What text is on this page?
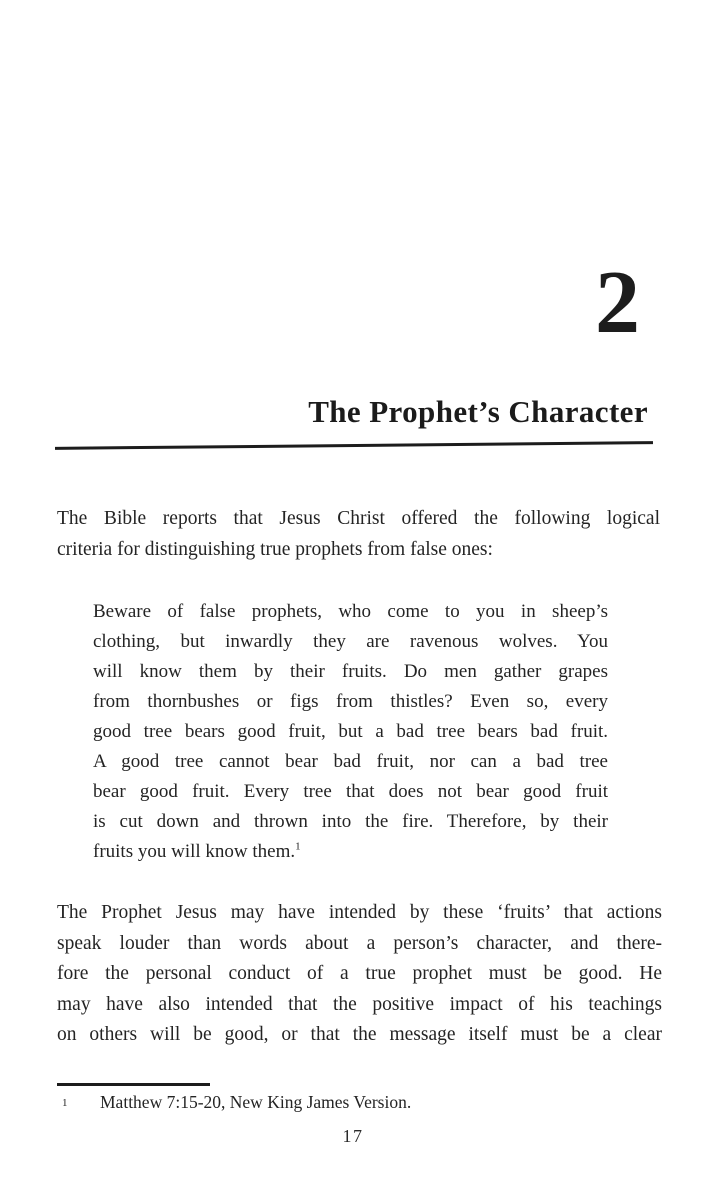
2
The Prophet’s Character
The Bible reports that Jesus Christ offered the following logical
criteria for distinguishing true prophets from false ones:
Beware of false prophets, who come to you in sheep’s
clothing, but inwardly they are ravenous wolves. You
will know them by their fruits. Do men gather grapes
from thornbushes or figs from thistles? Even so, every
good tree bears good fruit, but a bad tree bears bad fruit.
A good tree cannot bear bad fruit, nor can a bad tree
bear good fruit. Every tree that does not bear good fruit
is cut down and thrown into the fire. Therefore, by their
fruits you will know them.$^1$
The Prophet Jesus may have intended by these ‘fruits’ that actions
speak louder than words about a person’s character, and there-
fore the personal conduct of a true prophet must be good. He
may have also intended that the positive impact of his teachings
on others will be good, or that the message itself must be a clear
1	Matthew 7:15-20, New King James Version.
17
